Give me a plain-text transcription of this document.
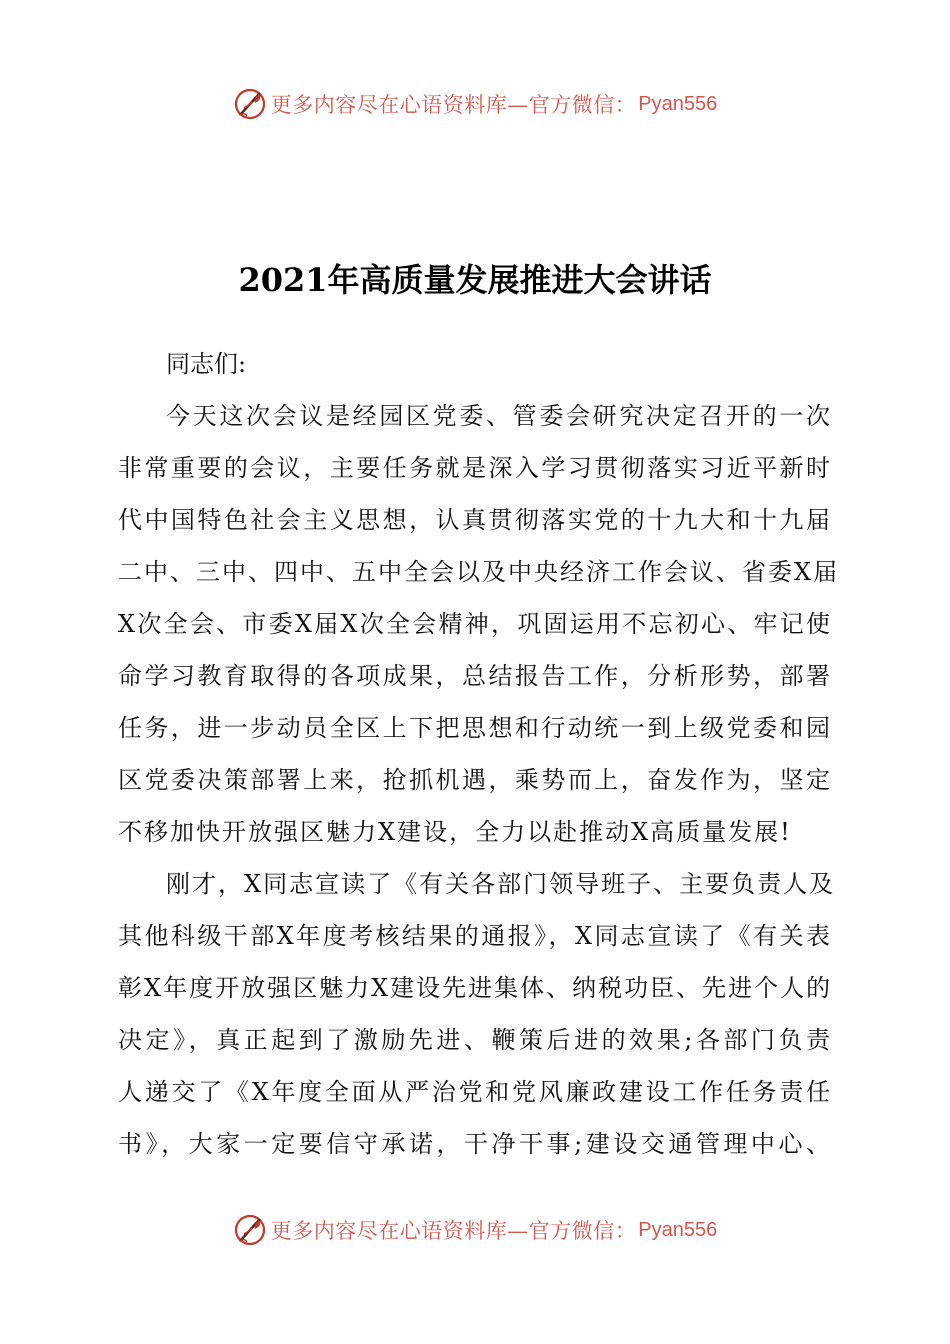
更多内容尽在心语资料库—官方微信： Pyan556
2021年高质量发展推进大会讲话

同志们:

今天这次会议是经园区党委、管委会研究决定召开的一次
非常重要的会议，主要任务就是深入学习贯彻落实习近平新时
代中国特色社会主义思想，认真贯彻落实党的十九大和十九届
二中、三中、四中、五中全会以及中央经济工作会议、省委X届
X次全会、市委X届X次全会精神，巩固运用不忘初心、牢记使
命学习教育取得的各项成果，总结报告工作，分析形势，部署
任务，进一步动员全区上下把思想和行动统一到上级党委和园
区党委决策部署上来，抢抓机遇，乘势而上，奋发作为，坚定
不移加快开放强区魅力X建设，全力以赴推动X高质量发展!
刚才，X同志宣读了《有关各部门领导班子、主要负责人及
其他科级干部X年度考核结果的通报》，X同志宣读了《有关表
彰X年度开放强区魅力X建设先进集体、纳税功臣、先进个人的
决定》，真正起到了激励先进、鞭策后进的效果;各部门负责
人递交了《X年度全面从严治党和党风廉政建设工作任务责任
书》，大家一定要信守承诺，干净干事;建设交通管理中心、
更多内容尽在心语资料库—官方微信： Pyan556
